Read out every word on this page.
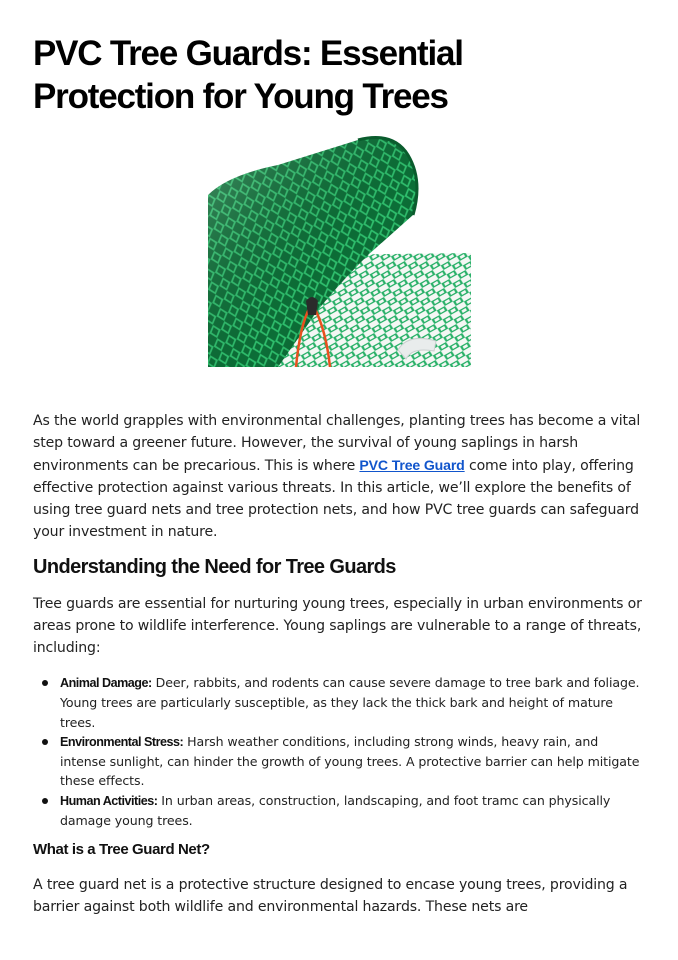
PVC Tree Guards: Essential
Protection for Young Trees

As the world grapples with environmental challenges, planting trees has become a vital step toward a greener future. However, the survival of young saplings in harsh environments can be precarious. This is where PVC Tree Guard come into play, offering effective protection against various threats. In this article, we’ll explore the benefits of using tree guard nets and tree protection nets, and how PVC tree guards can safeguard your investment in nature.

Understanding the Need for Tree Guards

Tree guards are essential for nurturing young trees, especially in urban environments or areas prone to wildlife interference. Young saplings are vulnerable to a range of threats, including:

Animal Damage: Deer, rabbits, and rodents can cause severe damage to tree bark and foliage. Young trees are particularly susceptible, as they lack the thick bark and height of mature trees.
Environmental Stress: Harsh weather conditions, including strong winds, heavy rain, and intense sunlight, can hinder the growth of young trees. A protective barrier can help mitigate these effects.
Human Activities: In urban areas, construction, landscaping, and foot tramc can physically damage young trees.
What is a Tree Guard Net?

A tree guard net is a protective structure designed to encase young trees, providing a barrier against both wildlife and environmental hazards. These nets are
